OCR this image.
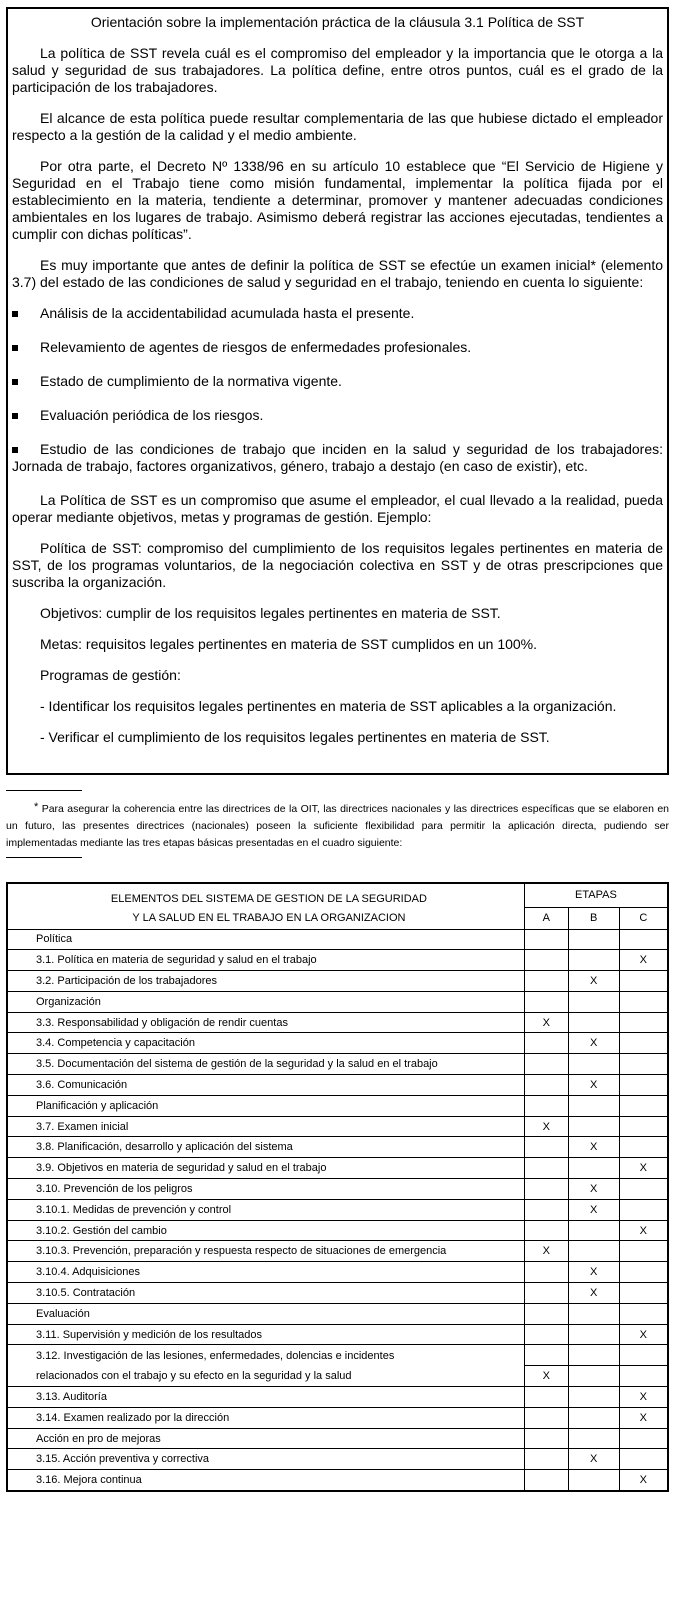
Orientación sobre la implementación práctica de la cláusula 3.1 Política de SST
La política de SST revela cuál es el compromiso del empleador y la importancia que le otorga a la salud y seguridad de sus trabajadores. La política define, entre otros puntos, cuál es el grado de la participación de los trabajadores.
El alcance de esta política puede resultar complementaria de las que hubiese dictado el empleador respecto a la gestión de la calidad y el medio ambiente.
Por otra parte, el Decreto Nº 1338/96 en su artículo 10 establece que “El Servicio de Higiene y Seguridad en el Trabajo tiene como misión fundamental, implementar la política fijada por el establecimiento en la materia, tendiente a determinar, promover y mantener adecuadas condiciones ambientales en los lugares de trabajo. Asimismo deberá registrar las acciones ejecutadas, tendientes a cumplir con dichas políticas”.
Es muy importante que antes de definir la política de SST se efectúe un examen inicial* (elemento 3.7) del estado de las condiciones de salud y seguridad en el trabajo, teniendo en cuenta lo siguiente:
Análisis de la accidentabilidad acumulada hasta el presente.
Relevamiento de agentes de riesgos de enfermedades profesionales.
Estado de cumplimiento de la normativa vigente.
Evaluación periódica de los riesgos.
Estudio de las condiciones de trabajo que inciden en la salud y seguridad de los trabajadores: Jornada de trabajo, factores organizativos, género, trabajo a destajo (en caso de existir), etc.
La Política de SST es un compromiso que asume el empleador, el cual llevado a la realidad, pueda operar mediante objetivos, metas y programas de gestión. Ejemplo:
Política de SST: compromiso del cumplimiento de los requisitos legales pertinentes en materia de SST, de los programas voluntarios, de la negociación colectiva en SST y de otras prescripciones que suscriba la organización.
Objetivos: cumplir de los requisitos legales pertinentes en materia de SST.
Metas: requisitos legales pertinentes en materia de SST cumplidos en un 100%.
Programas de gestión:
- Identificar los requisitos legales pertinentes en materia de SST aplicables a la organización.
- Verificar el cumplimiento de los requisitos legales pertinentes en materia de SST.
* Para asegurar la coherencia entre las directrices de la OIT, las directrices nacionales y las directrices específicas que se elaboren en un futuro, las presentes directrices (nacionales) poseen la suficiente flexibilidad para permitir la aplicación directa, pudiendo ser implementadas mediante las tres etapas básicas presentadas en el cuadro siguiente:
ELEMENTOS DEL SISTEMA DE GESTION DE LA SEGURIDAD	ETAPAS		
Y LA SALUD EN EL TRABAJO EN LA ORGANIZACION	A	B	C
Política			
3.1. Política en materia de seguridad y salud en el trabajo			X
3.2. Participación de los trabajadores		X	
Organización			
3.3. Responsabilidad y obligación de rendir cuentas	X		
3.4. Competencia y capacitación		X	
3.5. Documentación del sistema de gestión de la seguridad y la salud en el trabajo			
3.6. Comunicación		X	
Planificación y aplicación			
3.7. Examen inicial	X		
3.8. Planificación, desarrollo y aplicación del sistema		X	
3.9. Objetivos en materia de seguridad y salud en el trabajo			X
3.10. Prevención de los peligros		X	
3.10.1. Medidas de prevención y control		X	
3.10.2. Gestión del cambio			X
3.10.3. Prevención, preparación y respuesta respecto de situaciones de emergencia	X		
3.10.4. Adquisiciones		X	
3.10.5. Contratación		X	
Evaluación			
3.11. Supervisión y medición de los resultados			X
3.12. Investigación de las lesiones, enfermedades, dolencias e incidentes			
relacionados con el trabajo y su efecto en la seguridad y la salud	X		
3.13. Auditoría			X
3.14. Examen realizado por la dirección			X
Acción en pro de mejoras			
3.15. Acción preventiva y correctiva		X	
3.16. Mejora continua			X
